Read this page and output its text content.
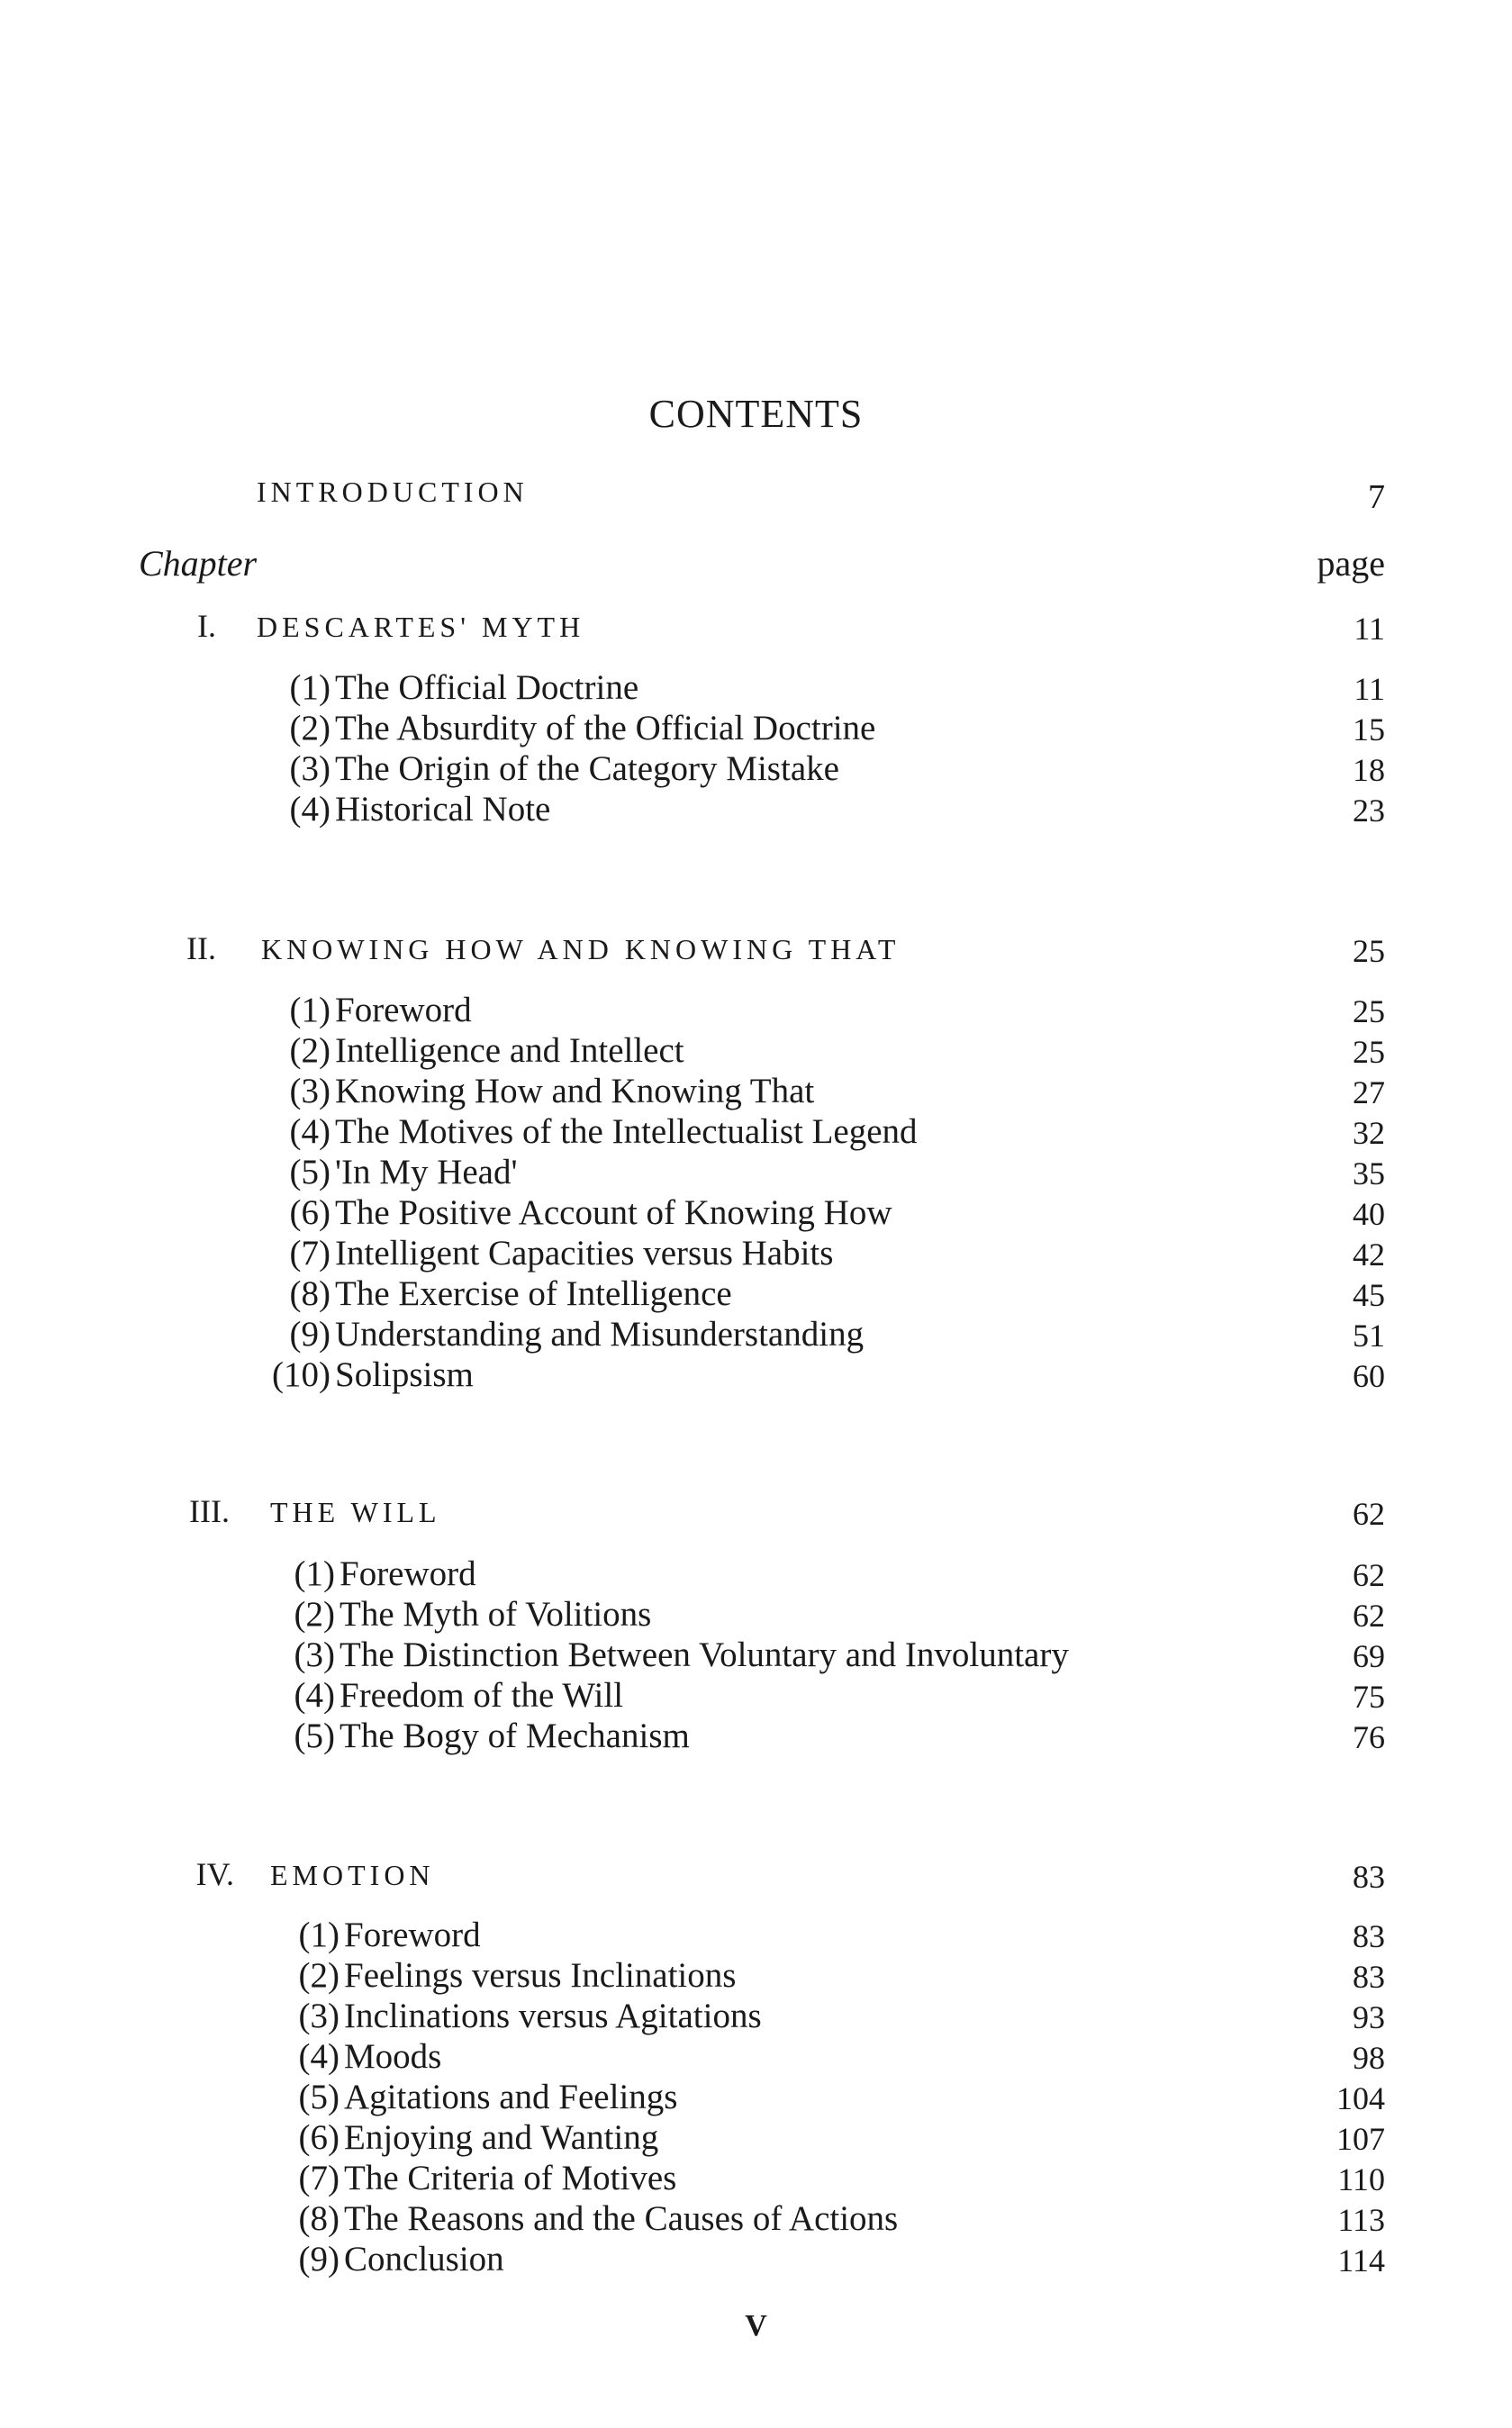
CONTENTS
INTRODUCTION	7
Chapter	page
I. DESCARTES' MYTH	11
(1) The Official Doctrine	11
(2) The Absurdity of the Official Doctrine	15
(3) The Origin of the Category Mistake	18
(4) Historical Note	23
II. KNOWING HOW AND KNOWING THAT	25
(1) Foreword	25
(2) Intelligence and Intellect	25
(3) Knowing How and Knowing That	27
(4) The Motives of the Intellectualist Legend	32
(5) 'In My Head'	35
(6) The Positive Account of Knowing How	40
(7) Intelligent Capacities versus Habits	42
(8) The Exercise of Intelligence	45
(9) Understanding and Misunderstanding	51
(10) Solipsism	60
III. THE WILL	62
(1) Foreword	62
(2) The Myth of Volitions	62
(3) The Distinction Between Voluntary and Involuntary	69
(4) Freedom of the Will	75
(5) The Bogy of Mechanism	76
IV. EMOTION	83
(1) Foreword	83
(2) Feelings versus Inclinations	83
(3) Inclinations versus Agitations	93
(4) Moods	98
(5) Agitations and Feelings	104
(6) Enjoying and Wanting	107
(7) The Criteria of Motives	110
(8) The Reasons and the Causes of Actions	113
(9) Conclusion	114
V
